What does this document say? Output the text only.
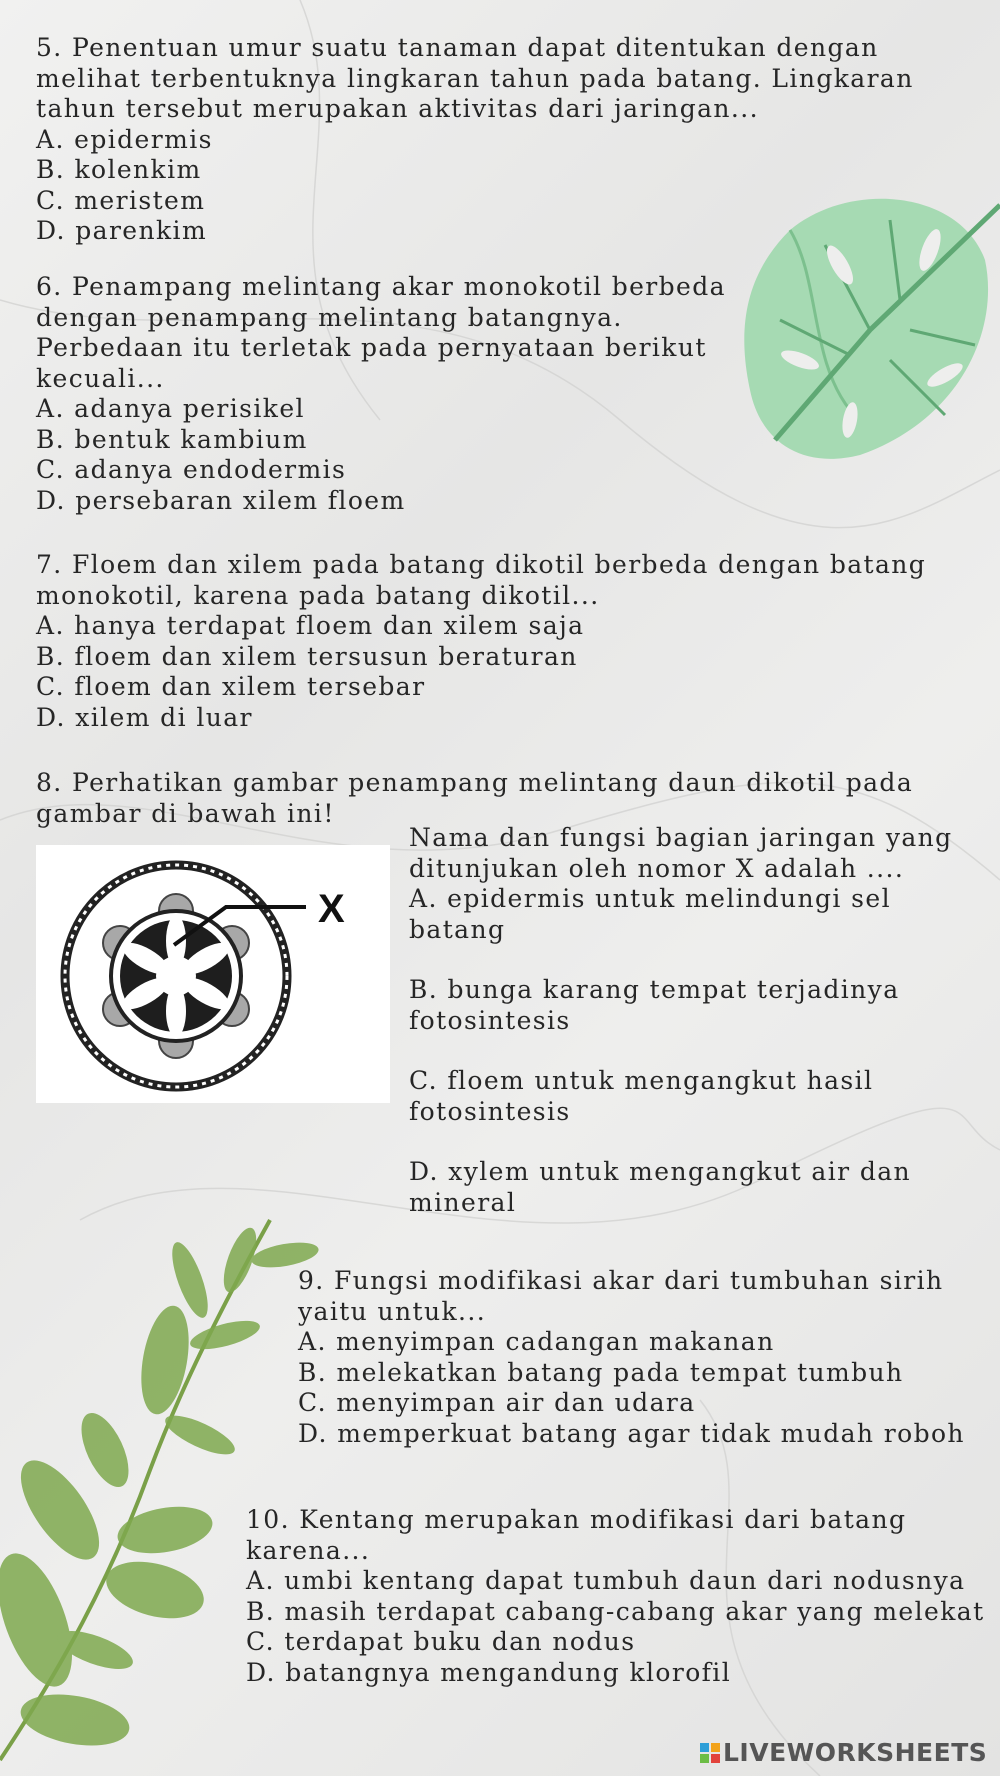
5. Penentuan umur suatu tanaman dapat ditentukan dengan
melihat terbentuknya lingkaran tahun pada batang. Lingkaran
tahun tersebut merupakan aktivitas dari jaringan...
A. epidermis
B. kolenkim
C. meristem
D. parenkim
6. Penampang melintang akar monokotil berbeda
dengan penampang melintang batangnya.
Perbedaan itu terletak pada pernyataan berikut
kecuali...
A. adanya perisikel
B. bentuk kambium
C. adanya endodermis
D. persebaran xilem floem
7. Floem dan xilem pada batang dikotil berbeda dengan batang
monokotil, karena pada batang dikotil...
A. hanya terdapat floem dan xilem saja
B. floem dan xilem tersusun beraturan
C. floem dan xilem tersebar
D. xilem di luar
8. Perhatikan gambar penampang melintang daun dikotil pada
gambar di bawah ini!
X
Nama dan fungsi bagian jaringan yang
ditunjukan oleh nomor X adalah ....
A. epidermis untuk melindungi sel
batang
B. bunga karang tempat terjadinya
fotosintesis
C. floem untuk mengangkut hasil
fotosintesis
D. xylem untuk mengangkut air dan
mineral
9. Fungsi modifikasi akar dari tumbuhan sirih
yaitu untuk...
A. menyimpan cadangan makanan
B. melekatkan batang pada tempat tumbuh
C. menyimpan air dan udara
D. memperkuat batang agar tidak mudah roboh
10. Kentang merupakan modifikasi dari batang
karena...
A. umbi kentang dapat tumbuh daun dari nodusnya
B. masih terdapat cabang-cabang akar yang melekat
C. terdapat buku dan nodus
D. batangnya mengandung klorofil
LIVEWORKSHEETS
